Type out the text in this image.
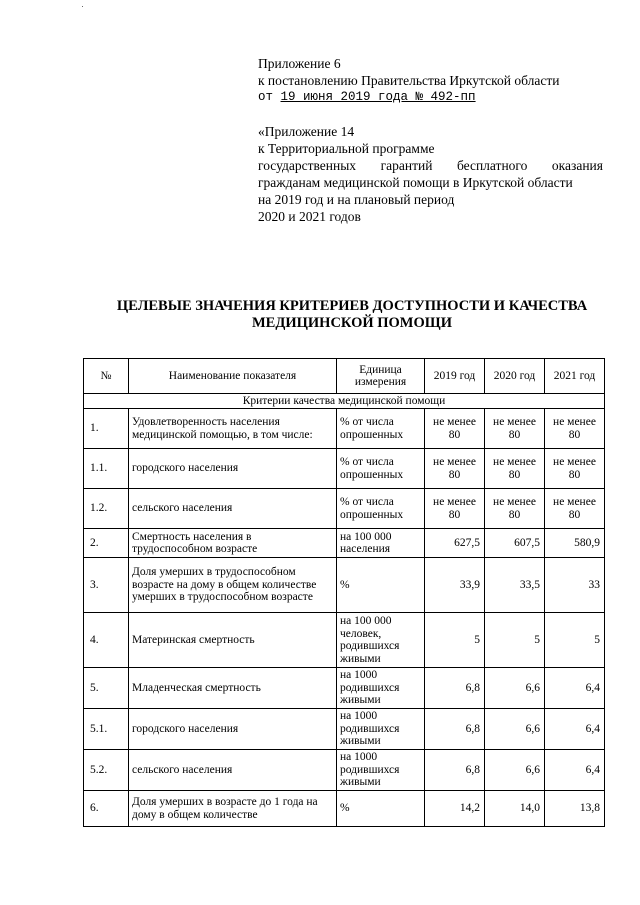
Приложение 6
к постановлению Правительства Иркутской области
от 19 июня 2019 года № 492-пп
«Приложение 14
к Территориальной программе
государственных гарантий бесплатного оказания
гражданам медицинской помощи в Иркутской области
на 2019 год и на плановый период
2020 и 2021 годов
ЦЕЛЕВЫЕ ЗНАЧЕНИЯ КРИТЕРИЕВ ДОСТУПНОСТИ И КАЧЕСТВА
МЕДИЦИНСКОЙ ПОМОЩИ
№	Наименование показателя	Единица измерения	2019 год	2020 год	2021 год
Критерии качества медицинской помощи					
1.	Удовлетворенность населения медицинской помощью, в том числе:	% от числа опрошенных	не менее 80	не менее 80	не менее 80
1.1.	городского населения	% от числа опрошенных	не менее 80	не менее 80	не менее 80
1.2.	сельского населения	% от числа опрошенных	не менее 80	не менее 80	не менее 80
2.	Смертность населения в трудоспособном возрасте	на 100 000 населения	627,5	607,5	580,9
3.	Доля умерших в трудоспособном возрасте на дому в общем количестве умерших в трудоспособном возрасте	%	33,9	33,5	33
4.	Материнская смертность	на 100 000 человек, родившихся живыми	5	5	5
5.	Младенческая смертность	на 1000 родившихся живыми	6,8	6,6	6,4
5.1.	городского населения	на 1000 родившихся живыми	6,8	6,6	6,4
5.2.	сельского населения	на 1000 родившихся живыми	6,8	6,6	6,4
6.	Доля умерших в возрасте до 1 года на дому в общем количестве	%	14,2	14,0	13,8
